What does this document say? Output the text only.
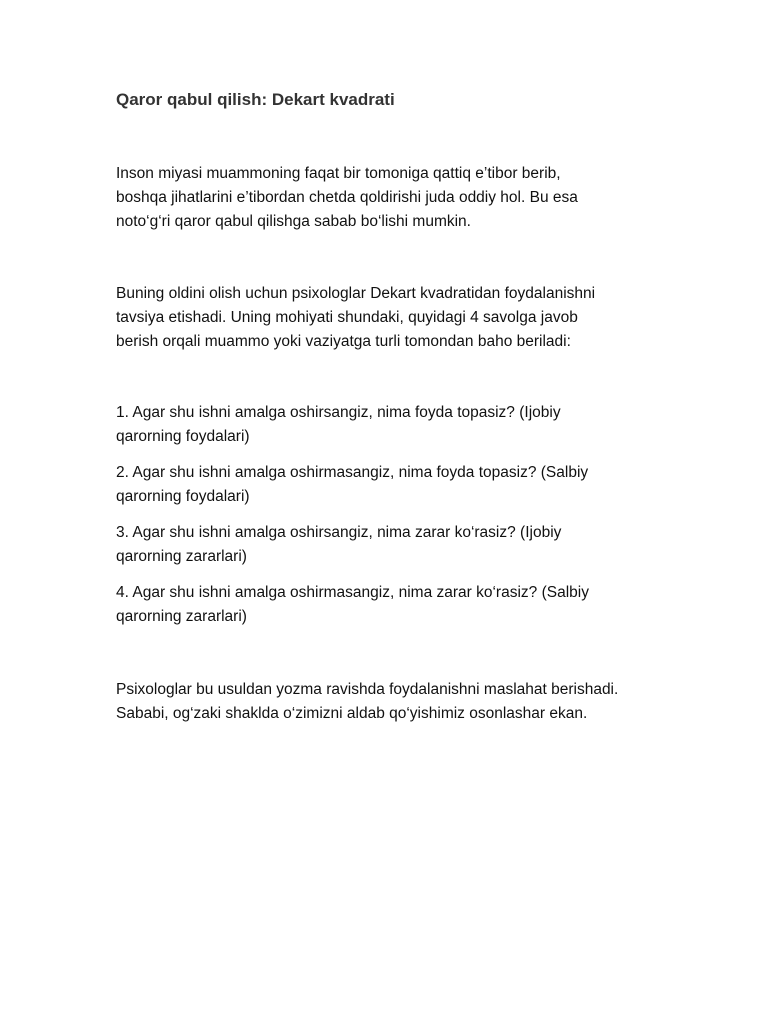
Qaror qabul qilish: Dekart kvadrati

Inson miyasi muammoning faqat bir tomoniga qattiq e’tibor berib,
boshqa jihatlarini e’tibordan chetda qoldirishi juda oddiy hol. Bu esa
noto‘g‘ri qaror qabul qilishga sabab bo‘lishi mumkin.

Buning oldini olish uchun psixologlar Dekart kvadratidan foydalanishni
tavsiya etishadi. Uning mohiyati shundaki, quyidagi 4 savolga javob
berish orqali muammo yoki vaziyatga turli tomondan baho beriladi:

1. Agar shu ishni amalga oshirsangiz, nima foyda topasiz? (Ijobiy
qarorning foydalari)

2. Agar shu ishni amalga oshirmasangiz, nima foyda topasiz? (Salbiy
qarorning foydalari)

3. Agar shu ishni amalga oshirsangiz, nima zarar ko‘rasiz? (Ijobiy
qarorning zararlari)

4. Agar shu ishni amalga oshirmasangiz, nima zarar ko‘rasiz? (Salbiy
qarorning zararlari)

Psixologlar bu usuldan yozma ravishda foydalanishni maslahat berishadi.
Sababi, og‘zaki shaklda o‘zimizni aldab qo‘yishimiz osonlashar ekan.
